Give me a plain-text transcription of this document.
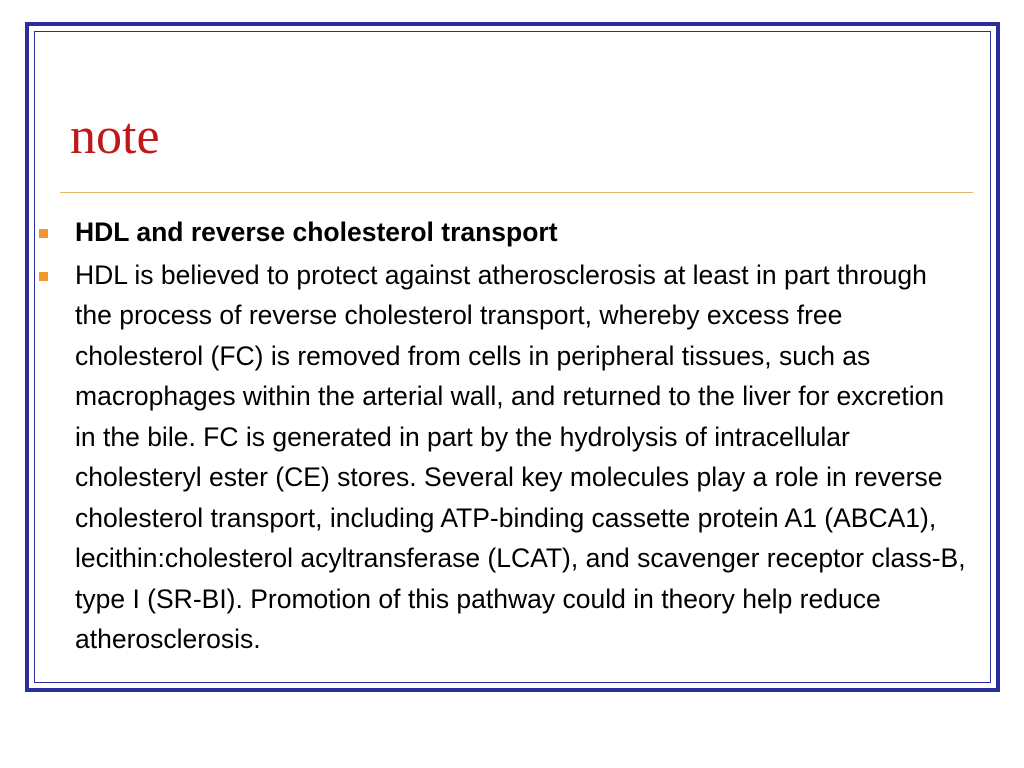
note
HDL and reverse cholesterol transport
HDL is believed to protect against atherosclerosis at least in part through the process of reverse cholesterol transport, whereby excess free cholesterol (FC) is removed from cells in peripheral tissues, such as macrophages within the arterial wall, and returned to the liver for excretion in the bile. FC is generated in part by the hydrolysis of intracellular cholesteryl ester (CE) stores. Several key molecules play a role in reverse cholesterol transport, including ATP-binding cassette protein A1 (ABCA1), lecithin:cholesterol acyltransferase (LCAT), and scavenger receptor class-B, type I (SR-BI). Promotion of this pathway could in theory help reduce atherosclerosis.
